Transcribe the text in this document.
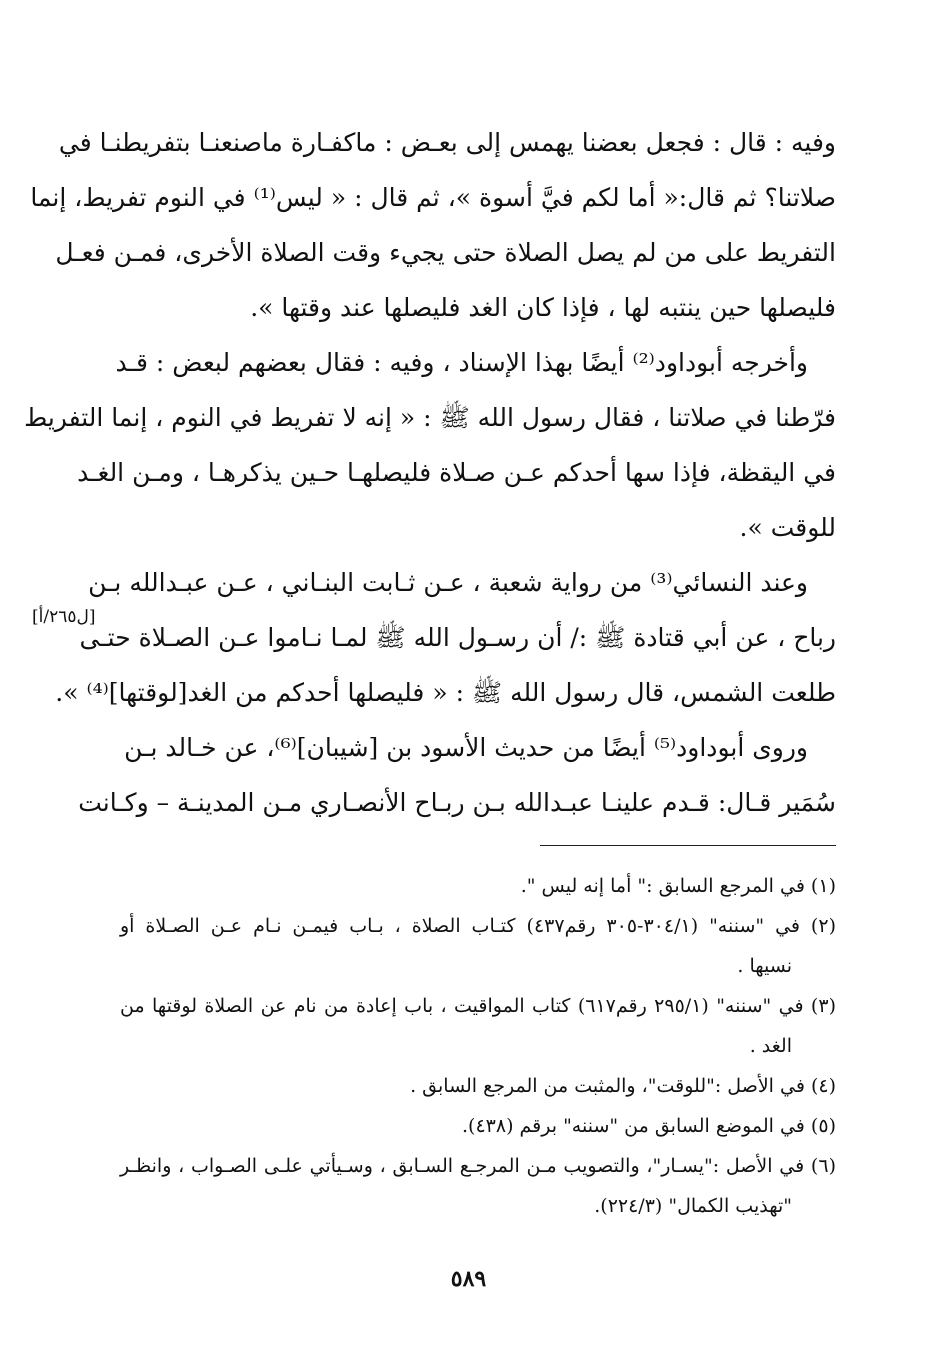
وفيه : قال : فجعل بعضنا يهمس إلى بعـض : ماكفـارة ماصنعنـا بتفريطنـا في
صلاتنا؟ ثم قال:« أما لكم فيَّ أسوة »، ثم قال : « ليس⁽¹⁾ في النوم تفريط، إنما
التفريط على من لم يصل الصلاة حتى يجيء وقت الصلاة الأخرى، فمـن فعـل
فليصلها حين ينتبه لها ، فإذا كان الغد فليصلها عند وقتها ».
وأخرجه أبوداود⁽²⁾ أيضًا بهذا الإسناد ، وفيه : فقال بعضهم لبعض : قـد
فرّطنا في صلاتنا ، فقال رسول الله ﷺ : « إنه لا تفريط في النوم ، إنما التفريط
في اليقظة، فإذا سها أحدكم عـن صـلاة فليصلهـا حـين يذكرهـا ، ومـن الغـد
للوقت ».
وعند النسائي⁽³⁾ من رواية شعبة ، عـن ثـابت البنـاني ، عـن عبـدالله بـن
رباح ، عن أبي قتادة ﷺ :/ أن رسـول الله ﷺ لمـا نـاموا عـن الصـلاة حتـى
طلعت الشمس، قال رسول الله ﷺ : « فليصلها أحدكم من الغد[لوقتها]⁽⁴⁾ ».
وروى أبوداود⁽⁵⁾ أيضًا من حديث الأسود بن [شيبان]⁽⁶⁾، عن خـالد بـن
سُمَير قـال: قـدم علينـا عبـدالله بـن ربـاح الأنصـاري مـن المدينـة – وكـانت
[ل٢٦٥/أ]
(١) في المرجع السابق :" أما إنه ليس ".
(٢) في "سننه" (٣٠٤/١-٣٠٥ رقم٤٣٧) كتـاب الصلاة ، بـاب فيمـن نـام عـن الصـلاة أو
نسيها .
(٣) في "سننه" (٢٩٥/١ رقم٦١٧) كتاب المواقيت ، باب إعادة من نام عن الصلاة لوقتها من
الغد .
(٤) في الأصل :"للوقت"، والمثبت من المرجع السابق .
(٥) في الموضع السابق من "سننه" برقم (٤٣٨).
(٦) في الأصل :"يسـار"، والتصويب مـن المرجـع السـابق ، وسـيأتي علـى الصـواب ، وانظـر
"تهذيب الكمال" (٢٢٤/٣).
٥٨٩
